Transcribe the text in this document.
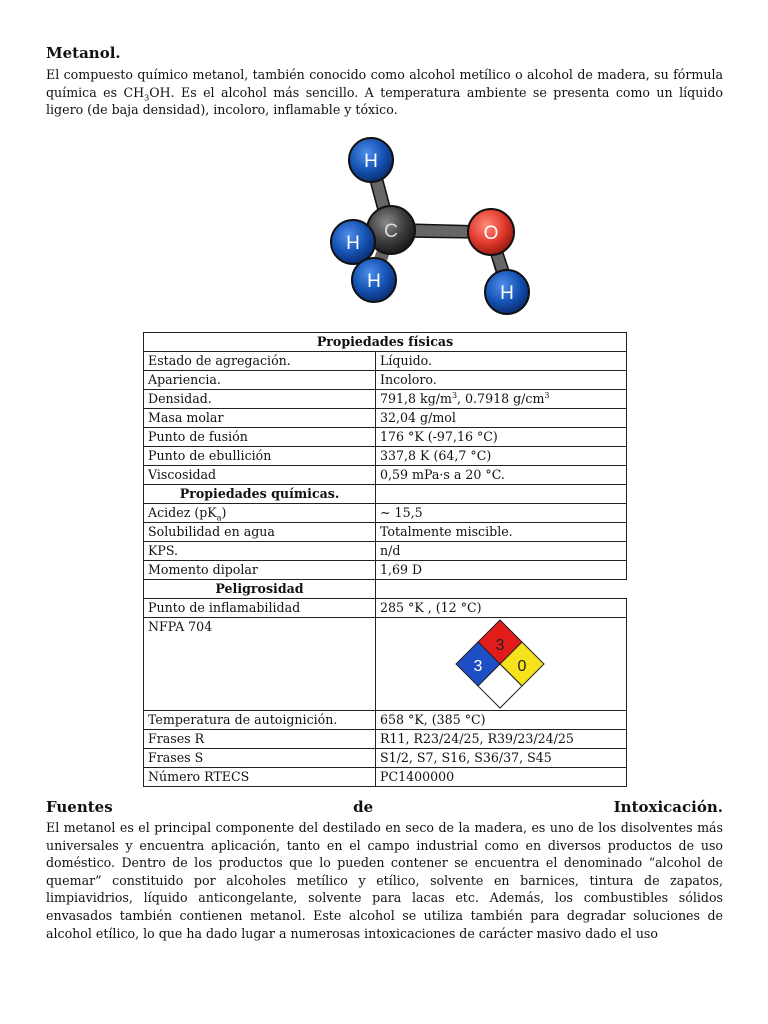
Metanol.

El compuesto químico metanol, también conocido como alcohol metílico o alcohol de madera, su fórmula química es $CH_3OH$. Es el alcohol más sencillo. A temperatura ambiente se presenta como un líquido ligero (de baja densidad), incoloro, inflamable y tóxico.

H
C
H
H
O
H
Propiedades físicas	
Estado de agregación.	Líquido.
Apariencia.	Incoloro.
Densidad.	791,8 $kg/m^3$, 0.7918 $g/cm^3$
Masa molar	32,04 g/mol
Punto de fusión	176 °K (-97,16 °C)
Punto de ebullición	337,8 K (64,7 °C)
Viscosidad	0,59 mPa·s a 20 °C.
Propiedades químicas.	
Acidez $(pK_a)$	~ 15,5
Solubilidad en agua	Totalmente miscible.
KPS.	n/d
Momento dipolar	1,69 D
Peligrosidad	
Punto de inflamabilidad	285 °K , (12 °C)
NFPA 704	3
3 0

Temperatura de autoignición.	658 °K, (385 °C)
Frases R	R11, R23/24/25, R39/23/24/25
Frases S	S1/2, S7, S16, S36/37, S45
Número RTECS	PC1400000
Fuentes	de	Intoxicación.

El metanol es el principal componente del destilado en seco de la madera, es uno de los disolventes más universales y encuentra aplicación, tanto en el campo industrial como en diversos productos de uso doméstico. Dentro de los productos que lo pueden contener se encuentra el denominado “alcohol de quemar” constituido por alcoholes metílico y etílico, solvente en barnices, tintura de zapatos, limpiavidrios, líquido anticongelante, solvente para lacas etc. Además, los combustibles sólidos envasados también contienen metanol. Este alcohol se utiliza también para degradar soluciones de alcohol etílico, lo que ha dado lugar a numerosas intoxicaciones de carácter masivo dado el uso
